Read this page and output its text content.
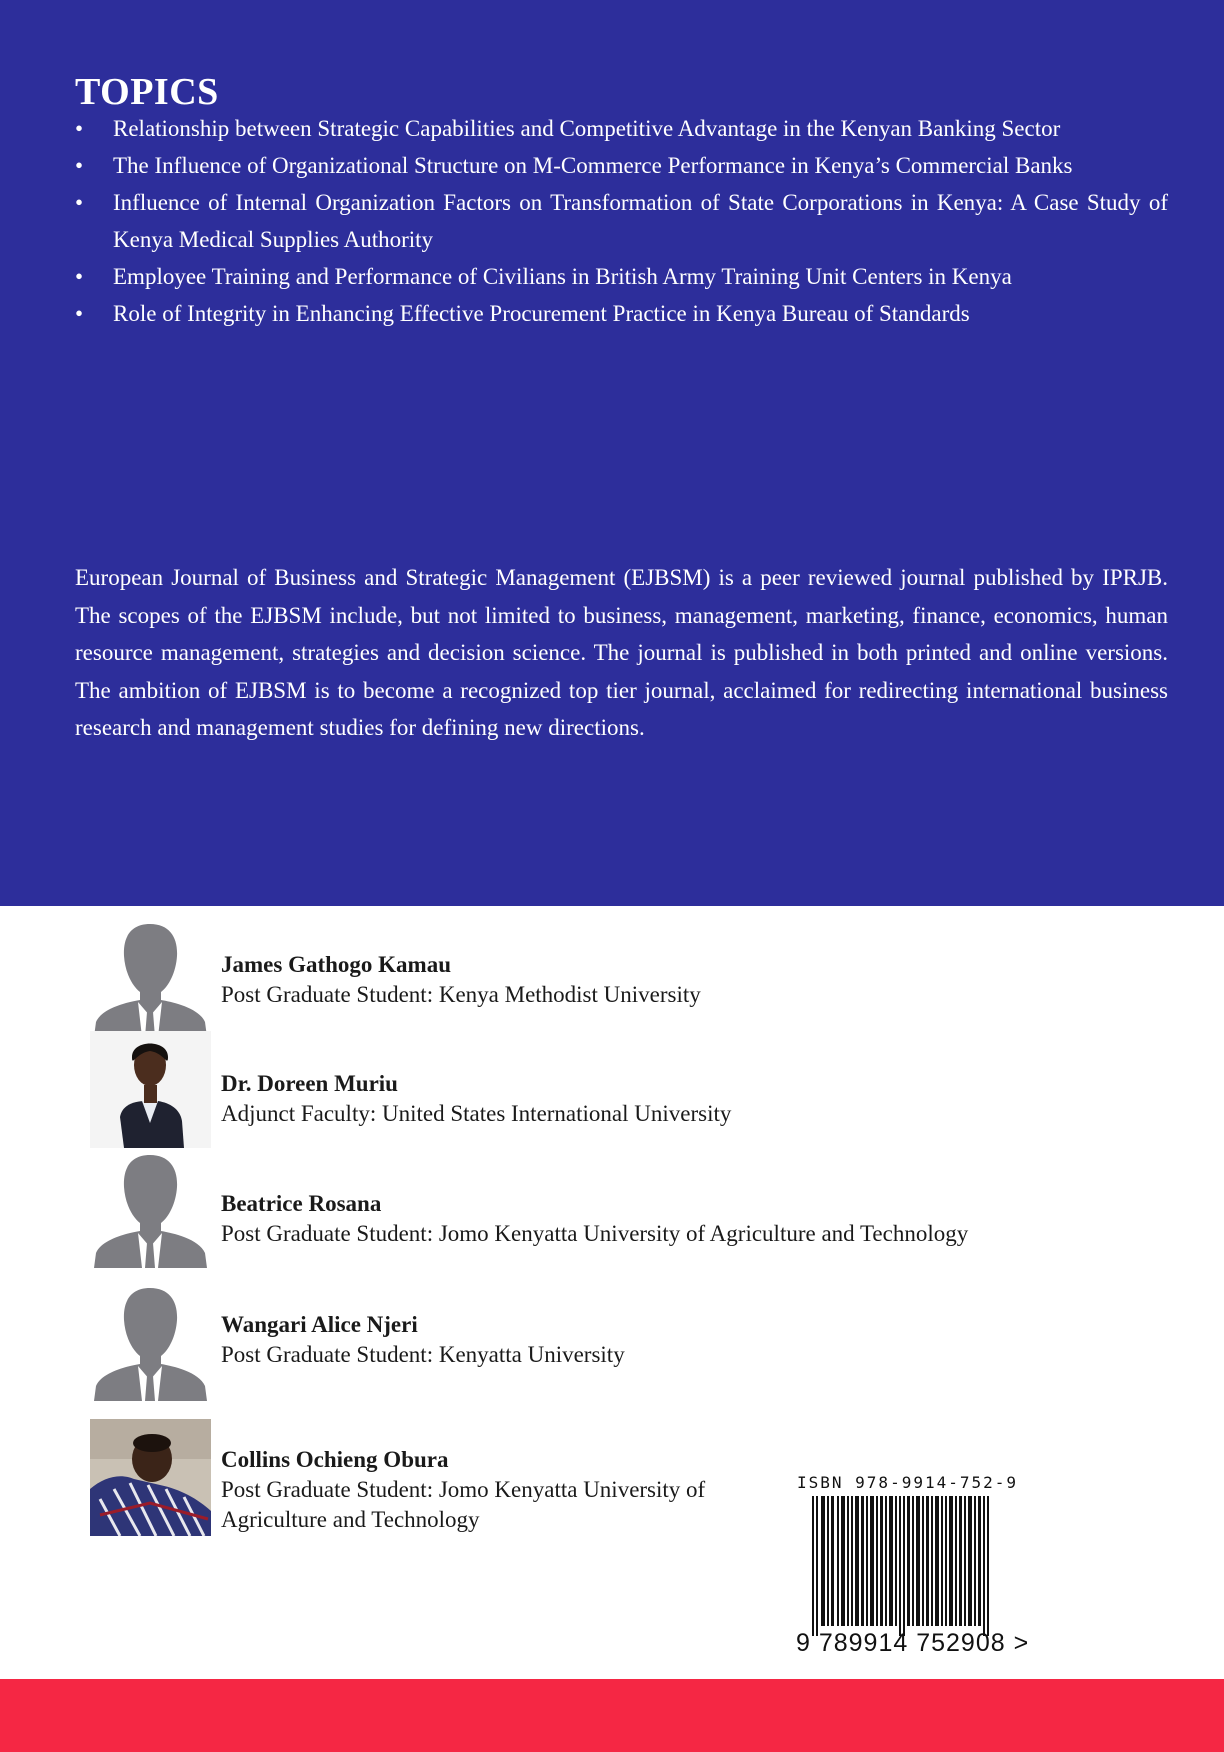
TOPICS
• Relationship between Strategic Capabilities and Competitive Advantage in the Kenyan Banking Sector
• The Influence of Organizational Structure on M-Commerce Performance in Kenya’s Commercial Banks
• Influence of Internal Organization Factors on Transformation of State Corporations in Kenya: A Case Study of Kenya Medical Supplies Authority
• Employee Training and Performance of Civilians in British Army Training Unit Centers in Kenya
• Role of Integrity in Enhancing Effective Procurement Practice in Kenya Bureau of Standards

European Journal of Business and Strategic Management (EJBSM) is a peer reviewed journal published by IPRJB. The scopes of the EJBSM include, but not limited to business, management, marketing, finance, economics, human resource management, strategies and decision science. The journal is published in both printed and online versions. The ambition of EJBSM is to become a recognized top tier journal, acclaimed for redirecting international business research and management studies for defining new directions.

James Gathogo Kamau
Post Graduate Student: Kenya Methodist University
Dr. Doreen Muriu
Adjunct Faculty: United States International University
Beatrice Rosana
Post Graduate Student: Jomo Kenyatta University of Agriculture and Technology
Wangari Alice Njeri
Post Graduate Student: Kenyatta University
Collins Ochieng Obura
Post Graduate Student: Jomo Kenyatta University of
Agriculture and Technology
ISBN 978-9914-752-9
9 789914 752908 >
